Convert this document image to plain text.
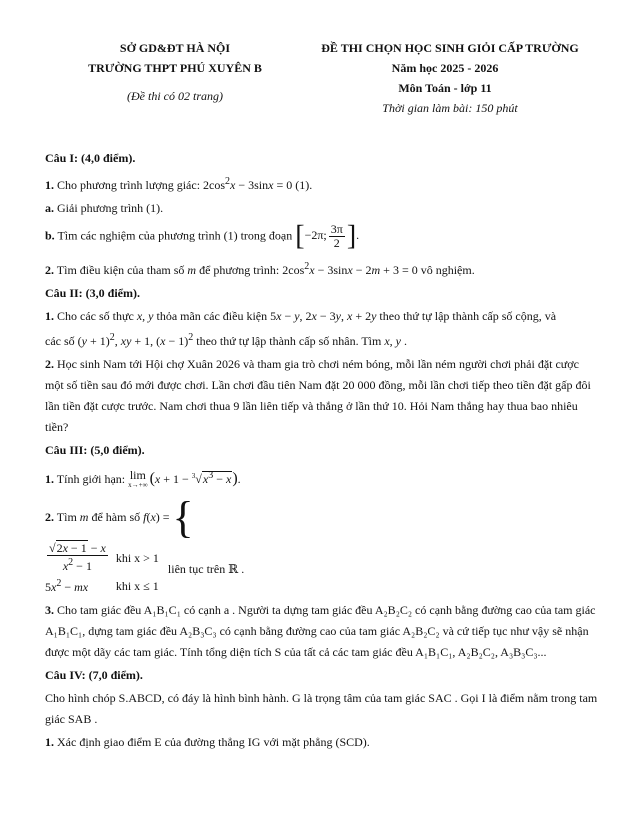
SỞ GD&ĐT HÀ NỘI
TRƯỜNG THPT PHÚ XUYÊN B
(Đề thi có 02 trang)
ĐỀ THI CHỌN HỌC SINH GIỎI CẤP TRƯỜNG
Năm học 2025 - 2026
Môn Toán - lớp 11
Thời gian làm bài: 150 phút

Câu I: (4,0 điểm).

1. Cho phương trình lượng giác: $2\cos^2x - 3\sin x = 0$ (1).

a. Giải phương trình (1).

b. Tìm các nghiệm của phương trình (1) trong đoạn [−2π; $\frac{3\pi}{2}$ ].

2. Tìm điều kiện của tham số m để phương trình: $2\cos^2x - 3\sin x - 2m + 3 = 0$ vô nghiệm.

Câu II: (3,0 điểm).

1. Cho các số thực x, y thỏa mãn các điều kiện 5x − y, 2x − 3y, x + 2y theo thứ tự lập thành cấp số cộng, và
các số $(y + 1)^2$, xy + 1, $(x - 1)^2$ theo thứ tự lập thành cấp số nhân. Tìm x, y .

2. Học sinh Nam tới Hội chợ Xuân 2026 và tham gia trò chơi ném bóng, mỗi lần ném người chơi phải đặt cược một số tiền sau đó mới được chơi. Lần chơi đầu tiên Nam đặt 20 000 đồng, mỗi lần chơi tiếp theo tiền đặt gấp đôi lần tiền đặt cược trước. Nam chơi thua 9 lần liên tiếp và thắng ở lần thứ 10. Hỏi Nam thắng hay thua bao nhiêu tiền?

Câu III: (5,0 điểm).

1. Tính giới hạn: lim
x→+∞ $(x + 1 - ^3√x^3 - x)$.

2. Tìm m để hàm số f(x) = {

$\frac{√2x - 1 - x}{x^2 - 1}$	khi x > 1
$5x^2$ − mx	khi x ≤ 1 liên tục trên ℝ .

3. Cho tam giác đều A₁B₁C₁ có cạnh a . Người ta dựng tam giác đều A₂B₂C₂ có cạnh bằng đường cao của tam giác A₁B₁C₁, dựng tam giác đều A₂B₃C₃ có cạnh bằng đường cao của tam giác A₂B₂C₂ và cứ tiếp tục như vậy sẽ nhận được một dãy các tam giác. Tính tổng diện tích S của tất cả các tam giác đều A₁B₁C₁, A₂B₂C₂, A₃B₃C₃...

Câu IV: (7,0 điểm).

Cho hình chóp S.ABCD, có đáy là hình bình hành. G là trọng tâm của tam giác SAC . Gọi I là điểm nằm trong tam giác SAB .

1. Xác định giao điểm E của đường thẳng IG với mặt phẳng (SCD).
